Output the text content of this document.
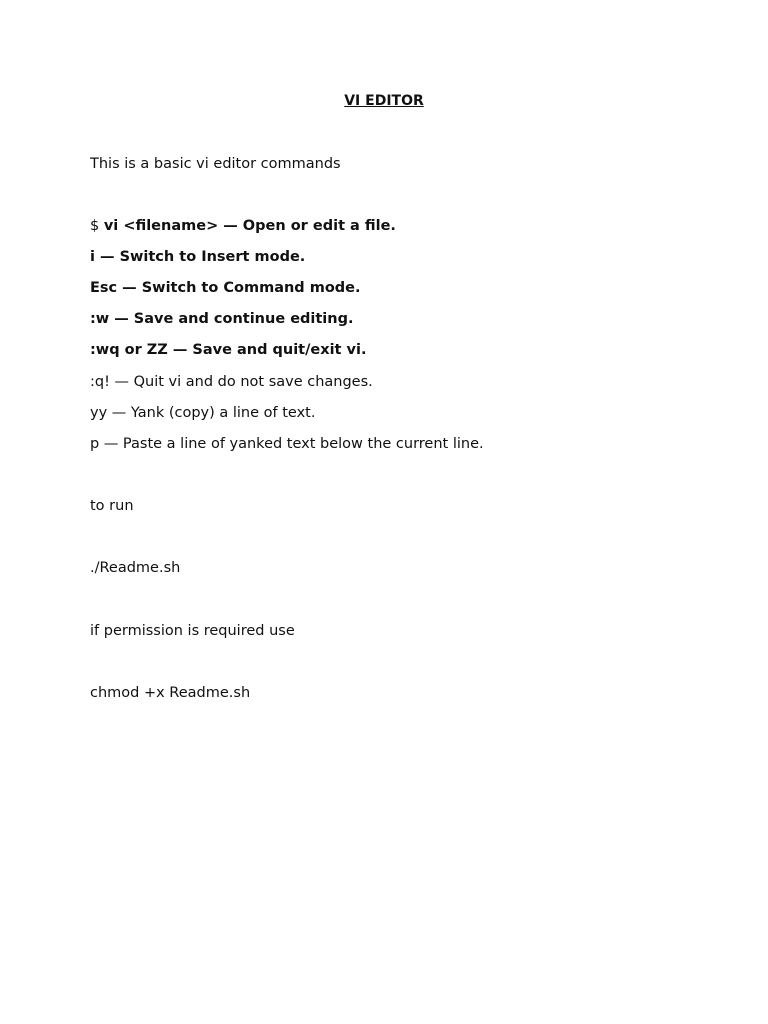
VI EDITOR
This is a basic vi editor commands
$ vi <filename> — Open or edit a file.
i — Switch to Insert mode.
Esc — Switch to Command mode.
:w — Save and continue editing.
:wq or ZZ — Save and quit/exit vi.
:q! — Quit vi and do not save changes.
yy — Yank (copy) a line of text.
p — Paste a line of yanked text below the current line.
to run
./Readme.sh
if permission is required use
chmod +x Readme.sh
